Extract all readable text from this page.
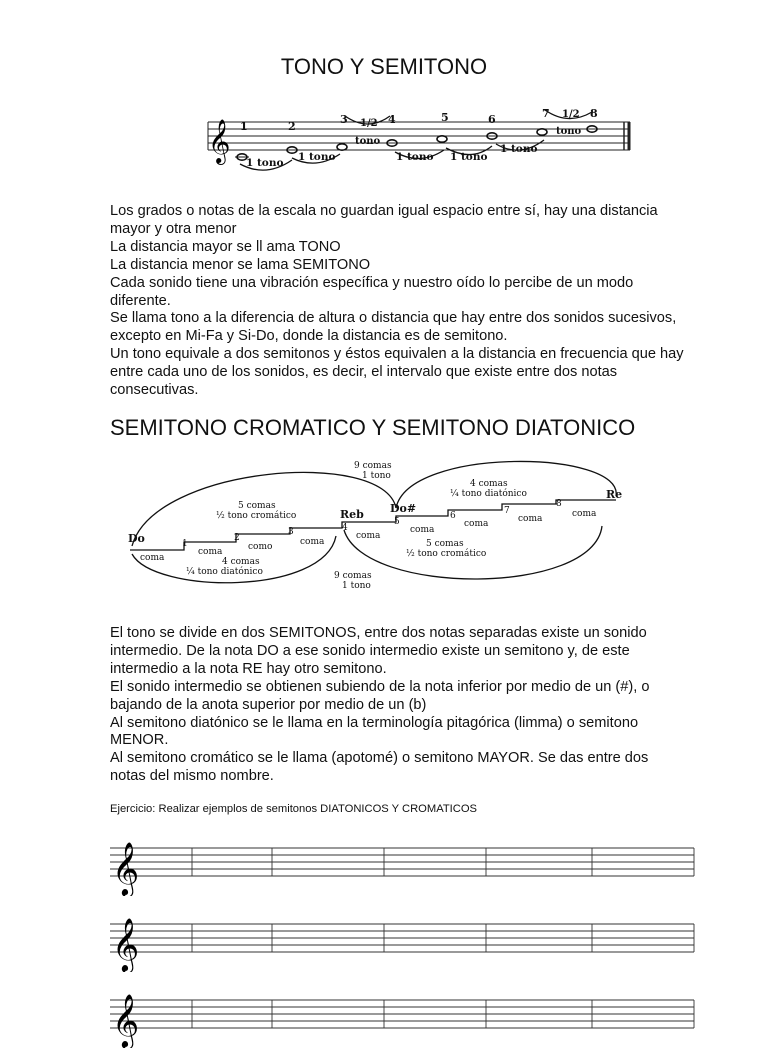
TONO Y SEMITONO
𝄞 1	2
3	4	5	6	7	8
1/2
1/2
tono
tono
1 tono 1 tono	1 tono 1 tono
1 tono
Los grados o notas de la escala no guardan igual espacio entre sí, hay una distancia
mayor y otra menor
La distancia mayor se ll ama TONO
La distancia menor se lama SEMITONO
Cada sonido tiene una vibración específica y nuestro oído lo percibe de un modo
diferente.
Se llama tono a la diferencia de altura o distancia que hay entre dos sonidos sucesivos,
excepto en Mi-Fa y Si-Do, donde la distancia es de semitono.
Un tono equivale a dos semitonos y éstos equivalen a la distancia en frecuencia que hay
entre cada uno de los sonidos, es decir, el intervalo que existe entre dos notas
consecutivas.
SEMITONO CROMATICO Y SEMITONO DIATONICO
Do
Reb Do#
Re
1
2
3	4
5
6	7
8
coma
coma	como	coma
coma
coma
coma	coma	coma
9 comas
1 tono
4 comas
¼ tono diatónico
5 comas
½ tono cromático
4 comas
¼ tono diatónico
5 comas
½ tono cromático
9 comas
1 tono
El tono se divide en dos SEMITONOS, entre dos notas separadas existe un sonido
intermedio. De la nota DO a ese sonido intermedio existe un semitono y, de este
intermedio a la nota RE hay otro semitono.
El sonido intermedio se obtienen subiendo de la nota inferior por medio de un (#), o
bajando de la anota superior por medio de un (b)
Al semitono diatónico se le llama en la terminología pitagórica (limma) o semitono
MENOR.
Al semitono cromático se le llama (apotomé) o semitono MAYOR. Se das entre dos
notas del mismo nombre.
Ejercicio: Realizar ejemplos de semitonos DIATONICOS Y CROMATICOS
𝄞
𝄞
𝄞
